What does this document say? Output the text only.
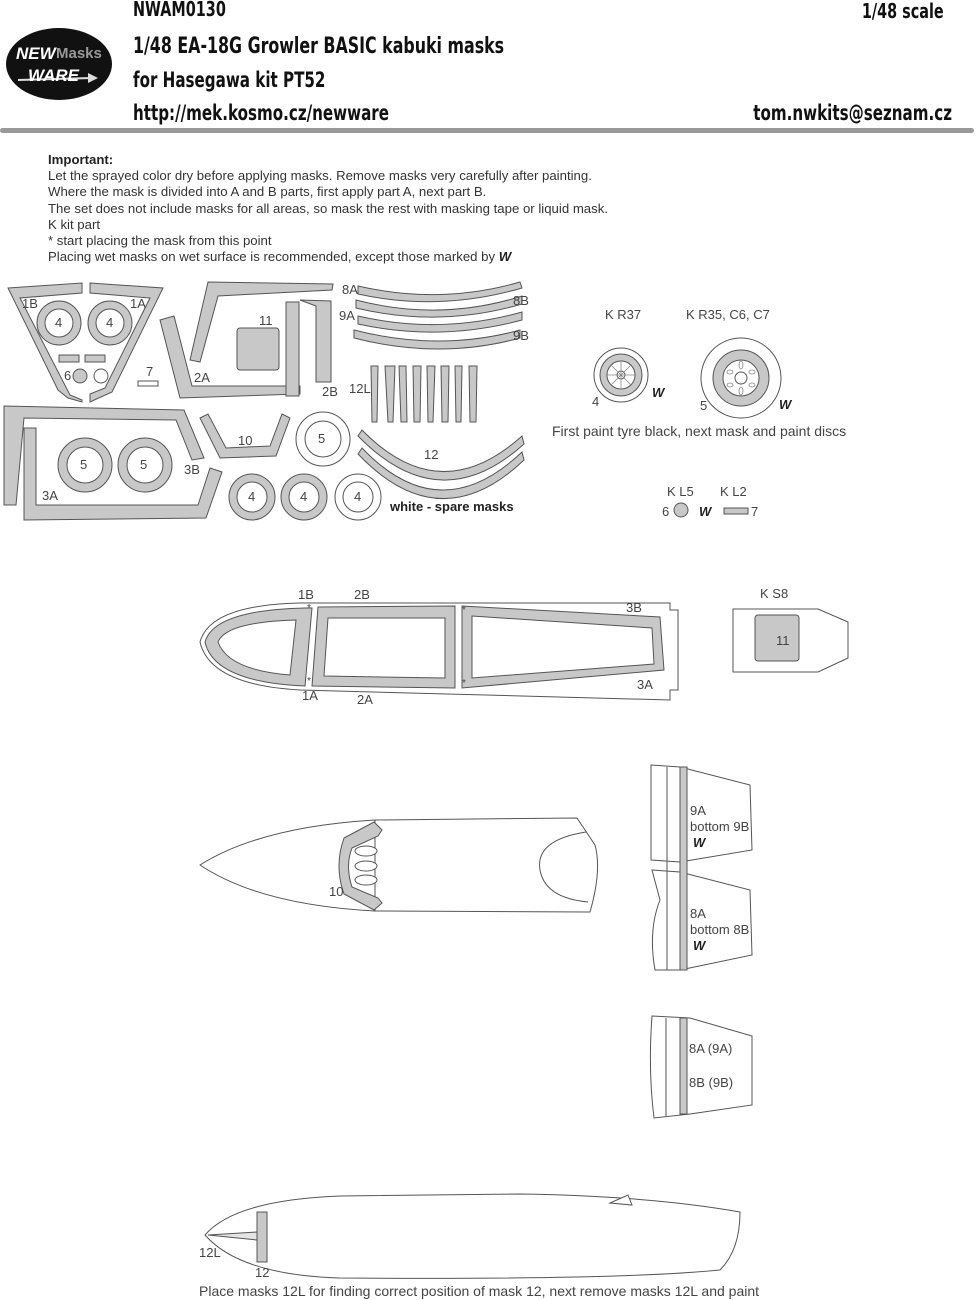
NEW Masks
WARE
NWAM0130	1/48 scale
1/48 EA-18G Growler BASIC kabuki masks
for Hasegawa kit PT52
http://mek.kosmo.cz/newware	tom.nwkits@seznam.cz
Important:
Let the sprayed color dry before applying masks. Remove masks very carefully after painting.
Where the mask is divided into A and B parts, first apply part A, next part B.
The set does not include masks for all areas, so mask the rest with masking tape or liquid mask.
K kit part
* start placing the mask from this point
Placing wet masks on wet surface is recommended, except those marked by W
1B	1A
4	4
6	7
11
2A
2B
8A
8B
9A
9B
12L
10	5
12
5	5	3B
3A	4	4	4
white - spare masks
K R37	K R35, C6, C7
4
W
5	W
First paint tyre black, next mask and paint discs
K L5 K L2
6 W	7
1B	2B
3B
1A	2A
3A
*	*
*	*
K S8
11
10
9A
bottom 9B
W
8A
bottom 8B
W
8A (9A)
8B (9B)
12L
12
Place masks 12L for finding correct position of mask 12, next remove masks 12L and paint
